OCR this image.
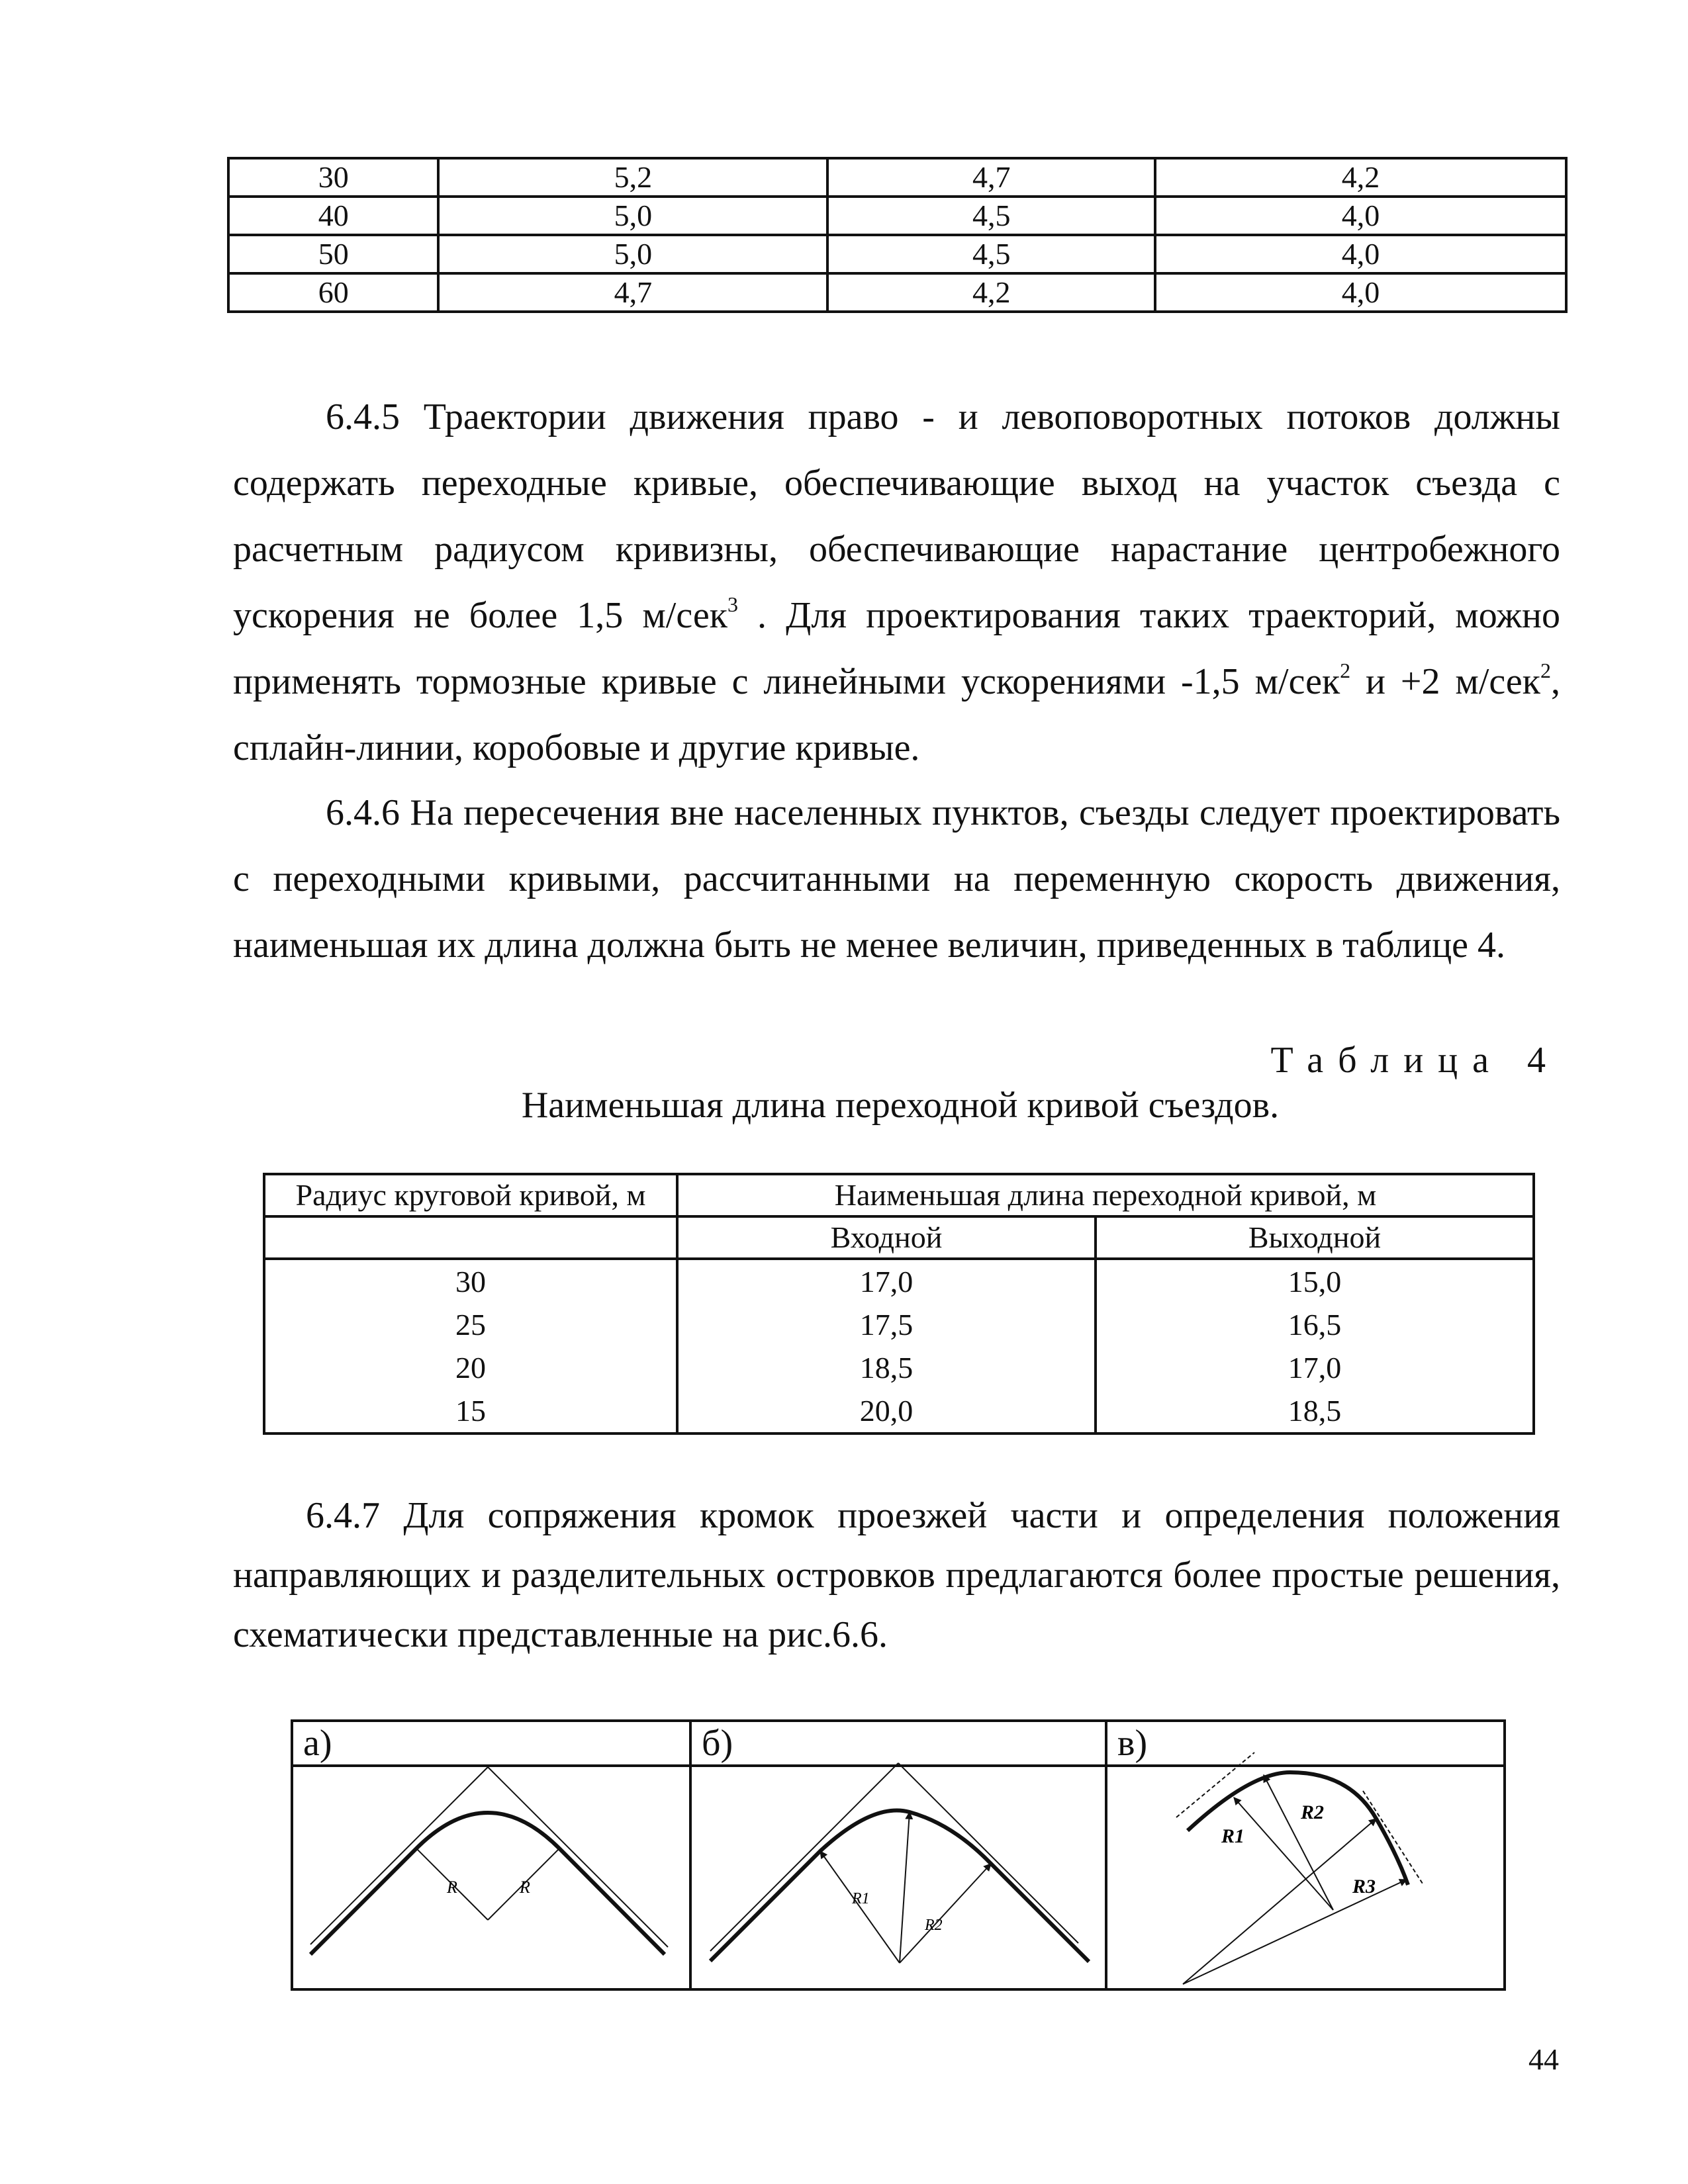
30	5,2	4,7	4,2
40	5,0	4,5	4,0
50	5,0	4,5	4,0
60	4,7	4,2	4,0

6.4.5 Траектории движения право - и левоповоротных потоков должны содержать переходные кривые, обеспечивающие выход на участок съезда с расчетным радиусом кривизны, обеспечивающие нарастание центробежного ускорения не более 1,5 м/сек$^3$ . Для проектирования таких траекторий, можно применять тормозные кривые с линейными ускорениями -1,5 м/сек$^2$ и +2 м/сек$^2$, сплайн-линии, коробовые и другие кривые.

6.4.6 На пересечения вне населенных пунктов, съезды следует проектировать с переходными кривыми, рассчитанными на переменную скорость движения, наименьшая их длина должна быть не менее величин, приведенных в таблице 4.

Таблица 4
Наименьшая длина переходной кривой съездов.
Радиус круговой кривой, м	Наименьшая длина переходной кривой, м	
	Входной	Выходной
30	17,0	15,0
25	17,5	16,5
20	18,5	17,0
15	20,0	18,5

6.4.7 Для сопряжения кромок проезжей части и определения положения направляющих и разделительных островков предлагаются более простые решения, схематически представленные на рис.6.6.

R	R
R1
R2
R1
R2
R3
а)	б)	в)
44
